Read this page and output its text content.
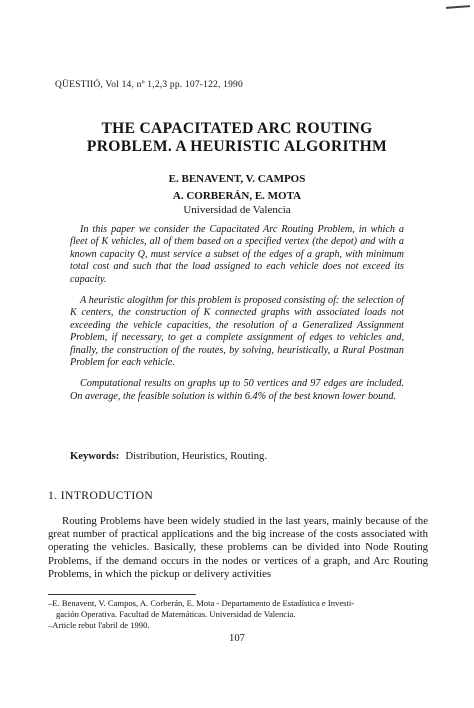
QÜESTIIÓ, Vol 14, nº 1,2,3 pp. 107-122, 1990
THE CAPACITATED ARC ROUTING
PROBLEM. A HEURISTIC ALGORITHM
E. BENAVENT, V. CAMPOS
A. CORBERÁN, E. MOTA
Universidad de Valencia

In this paper we consider the Capacitated Arc Routing Problem, in which a fleet of K vehicles, all of them based on a specified vertex (the depot) and with a known capacity Q, must service a subset of the edges of a graph, with minimum total cost and such that the load assigned to each vehicle does not exceed its capacity.

A heuristic alogithm for this problem is proposed consisting of: the selection of K centers, the construction of K connected graphs with associated loads not exceeding the vehicle capacities, the resolution of a Generalized Assignment Problem, if necessary, to get a complete assignment of edges to vehicles and, finally, the construction of the routes, by solving, heuristically, a Rural Postman Problem for each vehicle.

Computational results on graphs up to 50 vertices and 97 edges are included. On average, the feasible solution is within 6.4% of the best known lower bound.

Keywords: Distribution, Heuristics, Routing.
1. INTRODUCTION

Routing Problems have been widely studied in the last years, mainly because of the great number of practical applications and the big increase of the costs associated with operating the vehicles. Basically, these problems can be divided into Node Routing Problems, if the demand occurs in the nodes or vertices of a graph, and Arc Routing Problems, in which the pickup or delivery activities

–E. Benavent, V. Campos, A. Corberán, E. Mota - Departamento de Estadística e Investi-
gación Operativa. Facultad de Matemáticas. Universidad de Valencia.
–Article rebut l'abril de 1990.
107
